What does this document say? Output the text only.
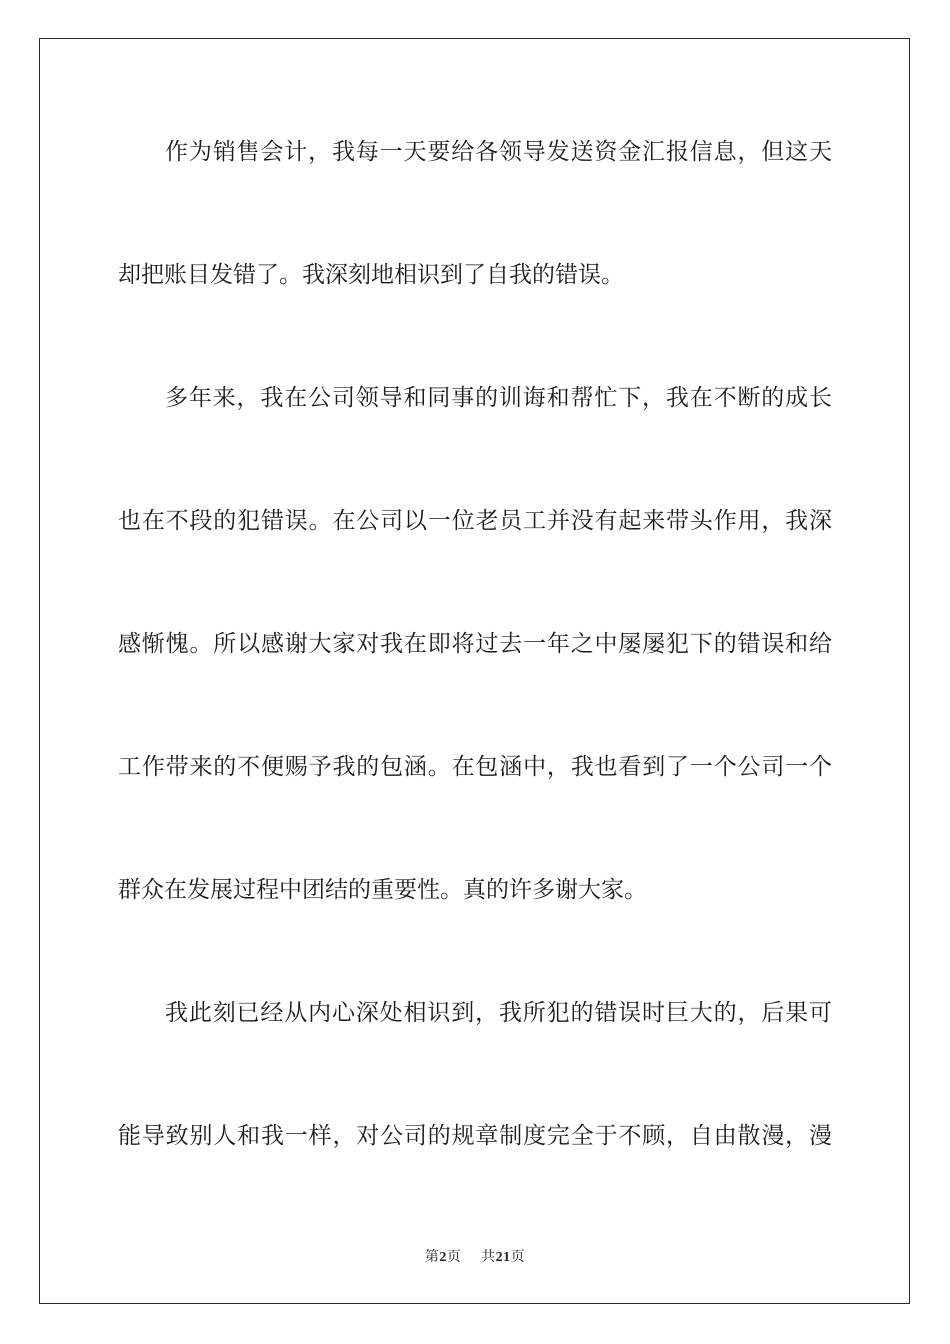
作为销售会计，我每一天要给各领导发送资金汇报信息，但这天
却把账目发错了。我深刻地相识到了自我的错误。
多年来，我在公司领导和同事的训诲和帮忙下，我在不断的成长
也在不段的犯错误。在公司以一位老员工并没有起来带头作用，我深
感惭愧。所以感谢大家对我在即将过去一年之中屡屡犯下的错误和给
工作带来的不便赐予我的包涵。在包涵中，我也看到了一个公司一个
群众在发展过程中团结的重要性。真的许多谢大家。
我此刻已经从内心深处相识到，我所犯的错误时巨大的，后果可
能导致别人和我一样，对公司的规章制度完全于不顾，自由散漫，漫
第2页 共21页
